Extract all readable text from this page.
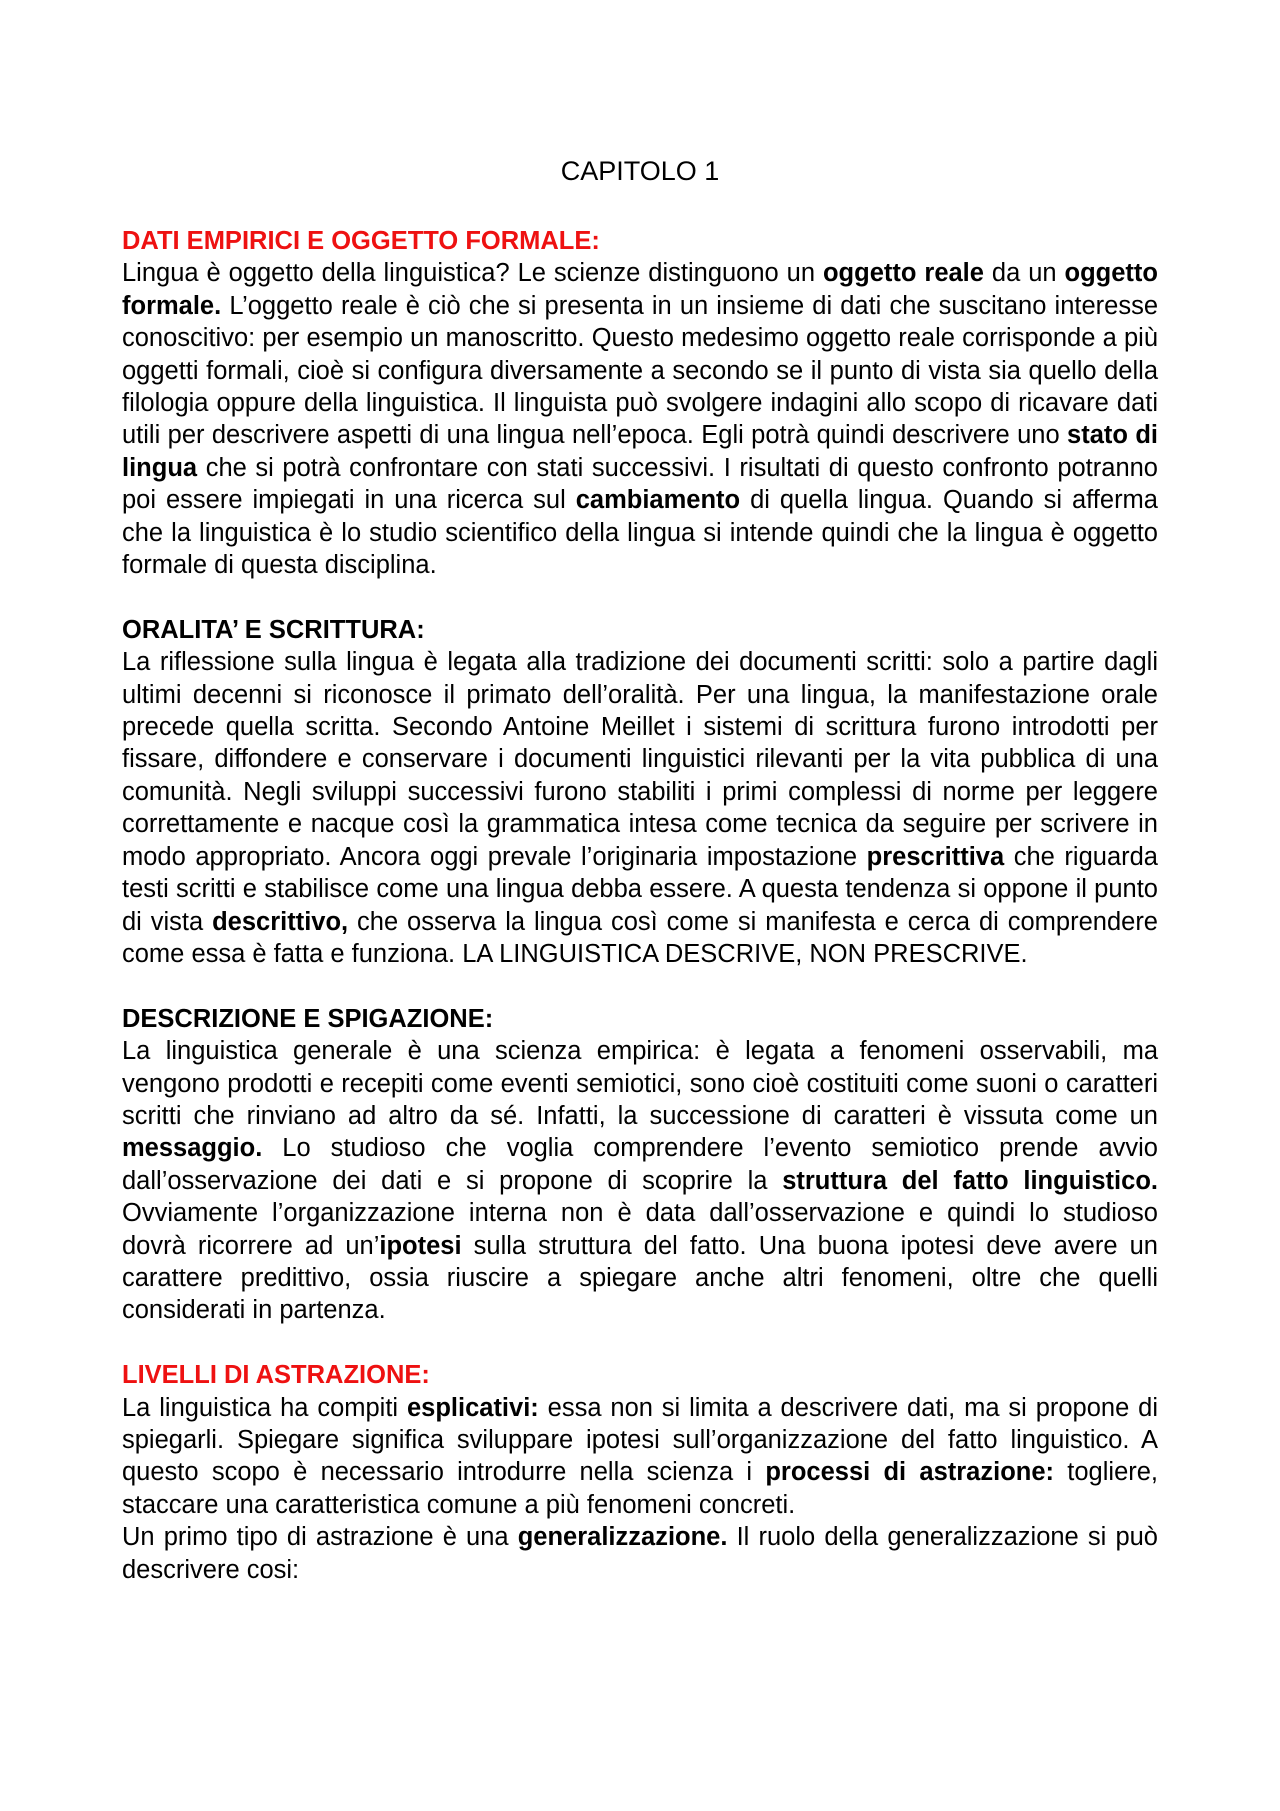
CAPITOLO 1
DATI EMPIRICI E OGGETTO FORMALE:

Lingua è oggetto della linguistica? Le scienze distinguono un oggetto reale da un oggetto formale. L’oggetto reale è ciò che si presenta in un insieme di dati che suscitano interesse conoscitivo: per esempio un manoscritto. Questo medesimo oggetto reale corrisponde a più oggetti formali, cioè si configura diversamente a secondo se il punto di vista sia quello della filologia oppure della linguistica. Il linguista può svolgere indagini allo scopo di ricavare dati utili per descrivere aspetti di una lingua nell’epoca. Egli potrà quindi descrivere uno stato di lingua che si potrà confrontare con stati successivi. I risultati di questo confronto potranno poi essere impiegati in una ricerca sul cambiamento di quella lingua. Quando si afferma che la linguistica è lo studio scientifico della lingua si intende quindi che la lingua è oggetto formale di questa disciplina.

ORALITA’ E SCRITTURA:

La riflessione sulla lingua è legata alla tradizione dei documenti scritti: solo a partire dagli ultimi decenni si riconosce il primato dell’oralità. Per una lingua, la manifestazione orale precede quella scritta. Secondo Antoine Meillet i sistemi di scrittura furono introdotti per fissare, diffondere e conservare i documenti linguistici rilevanti per la vita pubblica di una comunità. Negli sviluppi successivi furono stabiliti i primi complessi di norme per leggere correttamente e nacque così la grammatica intesa come tecnica da seguire per scrivere in modo appropriato. Ancora oggi prevale l’originaria impostazione prescrittiva che riguarda testi scritti e stabilisce come una lingua debba essere. A questa tendenza si oppone il punto di vista descrittivo, che osserva la lingua così come si manifesta e cerca di comprendere come essa è fatta e funziona. LA LINGUISTICA DESCRIVE, NON PRESCRIVE.

DESCRIZIONE E SPIGAZIONE:

La linguistica generale è una scienza empirica: è legata a fenomeni osservabili, ma vengono prodotti e recepiti come eventi semiotici, sono cioè costituiti come suoni o caratteri scritti che rinviano ad altro da sé. Infatti, la successione di caratteri è vissuta come un messaggio. Lo studioso che voglia comprendere l’evento semiotico prende avvio dall’osservazione dei dati e si propone di scoprire la struttura del fatto linguistico. Ovviamente l’organizzazione interna non è data dall’osservazione e quindi lo studioso dovrà ricorrere ad un’ipotesi sulla struttura del fatto. Una buona ipotesi deve avere un carattere predittivo, ossia riuscire a spiegare anche altri fenomeni, oltre che quelli considerati in partenza.

LIVELLI DI ASTRAZIONE:

La linguistica ha compiti esplicativi: essa non si limita a descrivere dati, ma si propone di spiegarli. Spiegare significa sviluppare ipotesi sull’organizzazione del fatto linguistico. A questo scopo è necessario introdurre nella scienza i processi di astrazione: togliere, staccare una caratteristica comune a più fenomeni concreti.

Un primo tipo di astrazione è una generalizzazione. Il ruolo della generalizzazione si può descrivere cosi:
